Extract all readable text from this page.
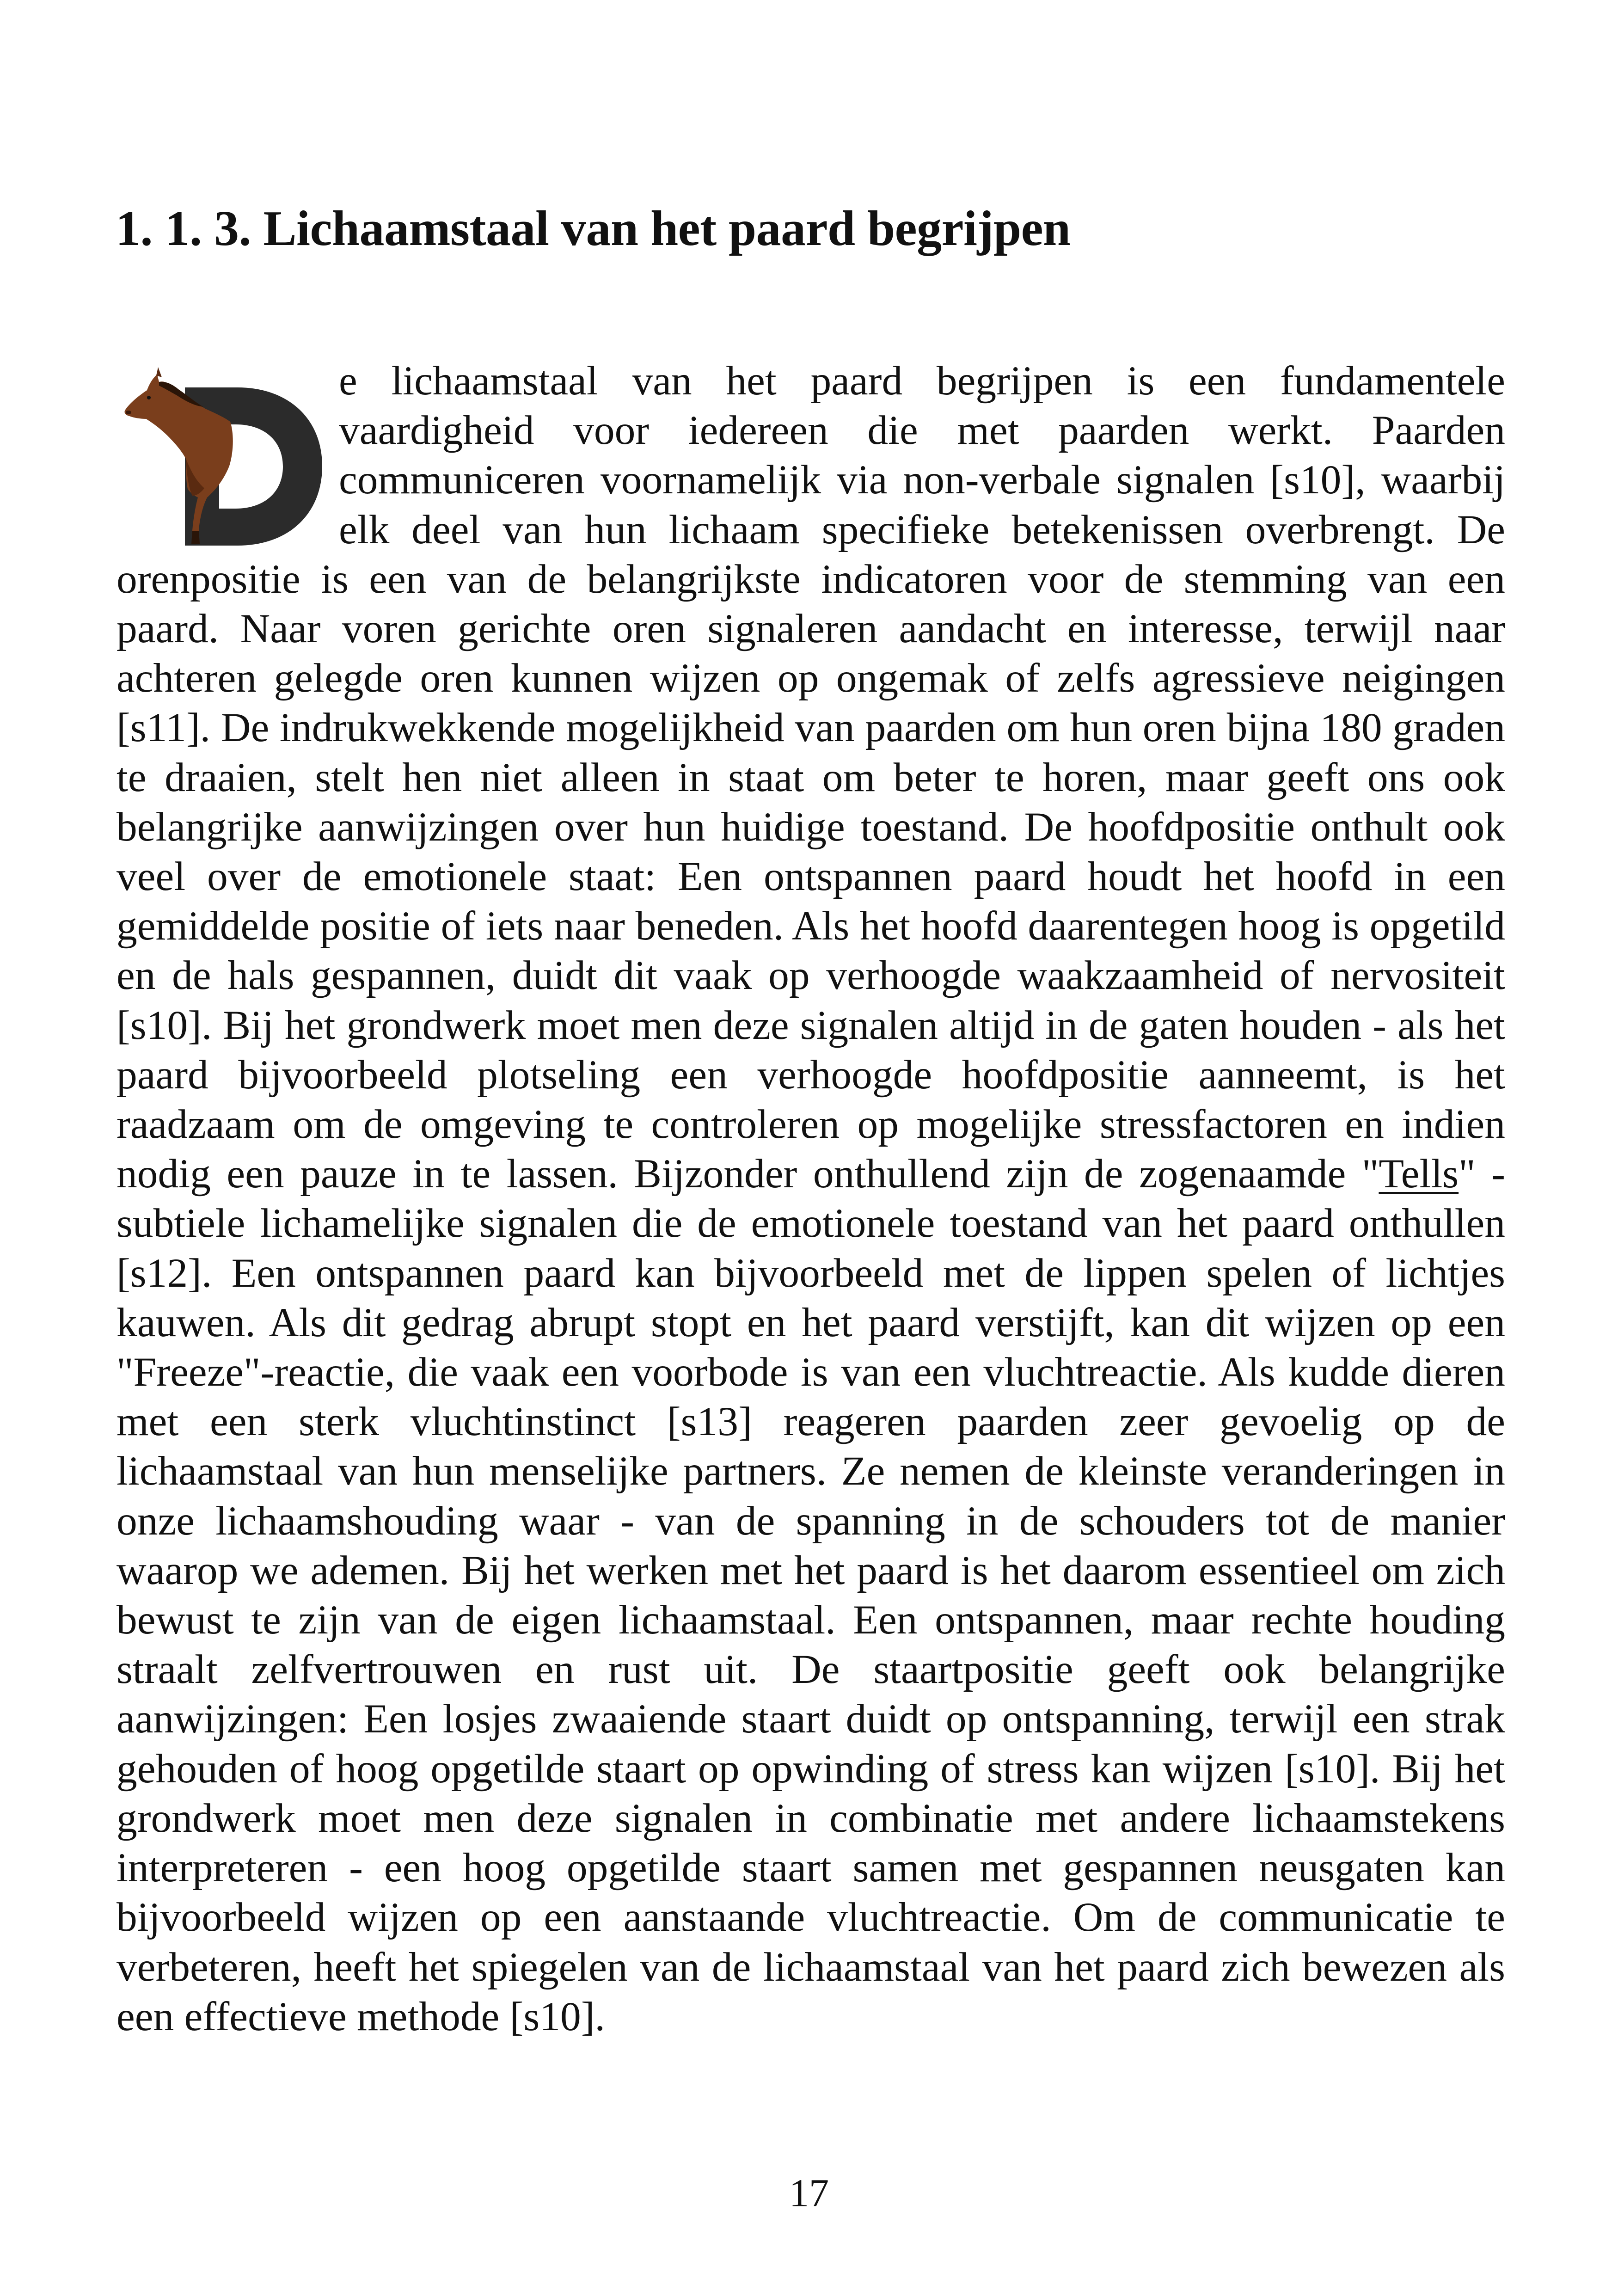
1. 1. 3. Lichaamstaal van het paard begrijpen

e lichaamstaal van het paard begrijpen is een fundamentele vaardigheid voor iedereen die met paarden werkt. Paarden communiceren voornamelijk via non-verbale signalen [s10], waarbij elk deel van hun lichaam specifieke betekenissen overbrengt. De orenpositie is een van de belangrijkste indicatoren voor de stemming van een paard. Naar voren gerichte oren signaleren aandacht en interesse, terwijl naar achteren gelegde oren kunnen wijzen op ongemak of zelfs agressieve neigingen [s11]. De indrukwekkende mogelijkheid van paarden om hun oren bijna 180 graden te draaien, stelt hen niet alleen in staat om beter te horen, maar geeft ons ook belangrijke aanwijzingen over hun huidige toestand. De hoofdpositie onthult ook veel over de emotionele staat: Een ontspannen paard houdt het hoofd in een gemiddelde positie of iets naar beneden. Als het hoofd daarentegen hoog is opgetild en de hals gespannen, duidt dit vaak op verhoogde waakzaamheid of nervositeit [s10]. Bij het grondwerk moet men deze signalen altijd in de gaten houden - als het paard bijvoorbeeld plotseling een verhoogde hoofdpositie aanneemt, is het raadzaam om de omgeving te controleren op mogelijke stressfactoren en indien nodig een pauze in te lassen. Bijzonder onthullend zijn de zogenaamde "Tells" - subtiele lichamelijke signalen die de emotionele toestand van het paard onthullen [s12]. Een ontspannen paard kan bijvoorbeeld met de lippen spelen of lichtjes kauwen. Als dit gedrag abrupt stopt en het paard verstijft, kan dit wijzen op een "Freeze"-reactie, die vaak een voorbode is van een vluchtreactie. Als kudde dieren met een sterk vluchtinstinct [s13] reageren paarden zeer gevoelig op de lichaamstaal van hun menselijke partners. Ze nemen de kleinste veranderingen in onze lichaamshouding waar - van de spanning in de schouders tot de manier waarop we ademen. Bij het werken met het paard is het daarom essentieel om zich bewust te zijn van de eigen lichaamstaal. Een ontspannen, maar rechte houding straalt zelfvertrouwen en rust uit. De staartpositie geeft ook belangrijke aanwijzingen: Een losjes zwaaiende staart duidt op ontspanning, terwijl een strak gehouden of hoog opgetilde staart op opwinding of stress kan wijzen [s10]. Bij het grondwerk moet men deze signalen in combinatie met andere lichaamstekens interpreteren - een hoog opgetilde staart samen met gespannen neusgaten kan bijvoorbeeld wijzen op een aanstaande vluchtreactie. Om de communicatie te verbeteren, heeft het spiegelen van de lichaamstaal van het paard zich bewezen als een effectieve methode [s10].

17
